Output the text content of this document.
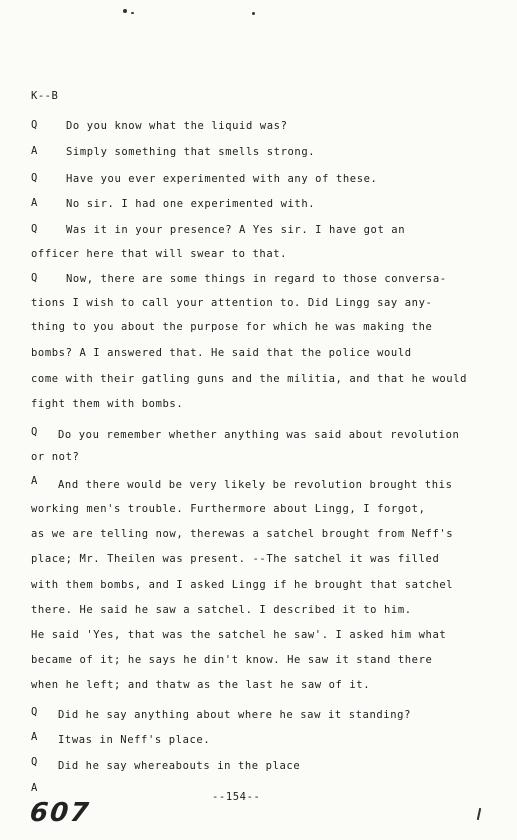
K--B
Q	Do you know what the liquid was?
A	Simply something that smells strong.
Q	Have you ever experimented with any of these.
A	No sir. I had one experimented with.
Q	Was it in your presence? A Yes sir. I have got an
officer here that will swear to that.
Q	Now, there are some things in regard to those conversa-
tions I wish to call your attention to. Did Lingg say any-
thing to you about the purpose for which he was making the
bombs? A I answered that. He said that the police would
come with their gatling guns and the militia, and that he would
fight them with bombs.
Q Do you remember whether anything was said about revolution
or not?
A And there would be very likely be revolution brought this
working men's trouble. Furthermore about Lingg, I forgot,
as we are telling now, therewas a satchel brought from Neff's
place; Mr. Theilen was present. --The satchel it was filled
with them bombs, and I asked Lingg if he brought that satchel
there. He said he saw a satchel. I described it to him.
He said 'Yes, that was the satchel he saw'. I asked him what
became of it; he says he din't know. He saw it stand there
when he left; and thatw as the last he saw of it.
Q Did he say anything about where he saw it standing?
A Itwas in Neff's place.
Q Did he say whereabouts in the place
A
--154--
607
